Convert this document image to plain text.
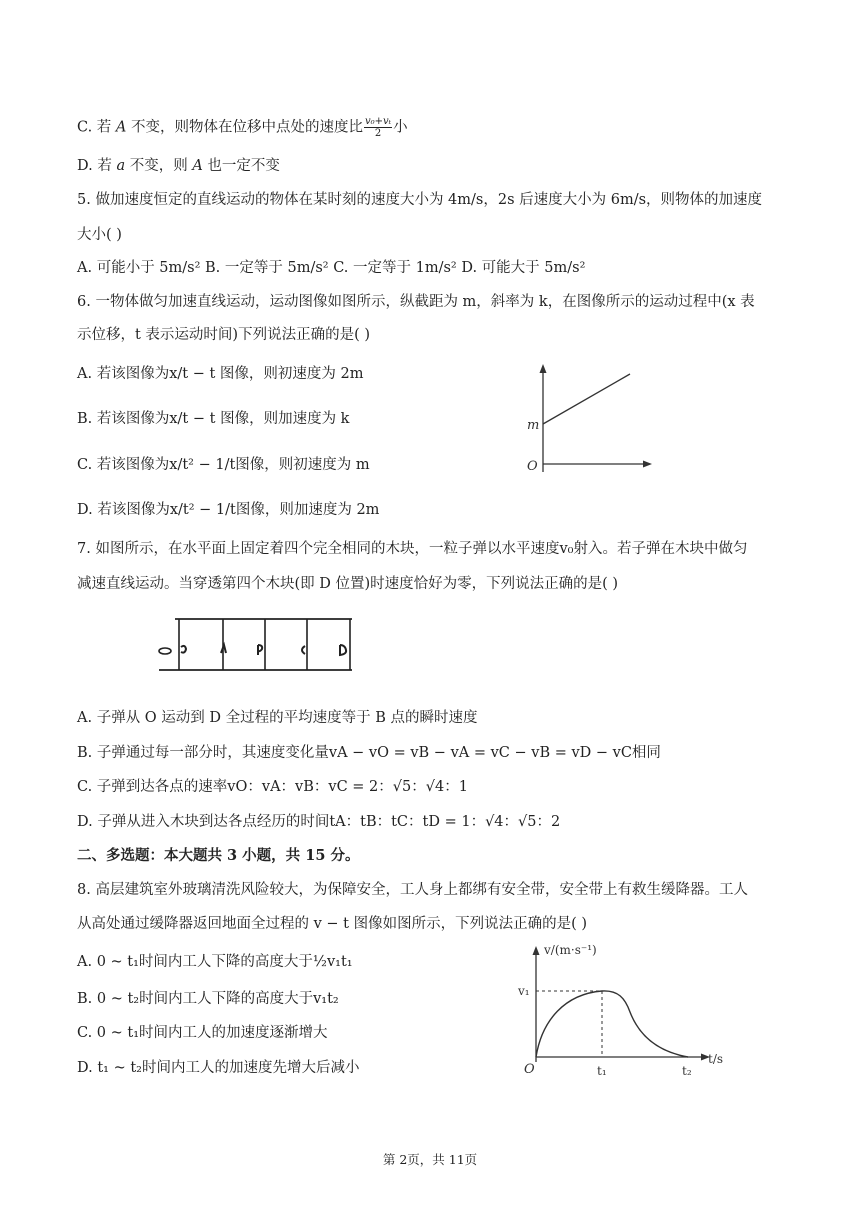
C. 若 A 不变，则物体在位移中点处的速度比 $\frac{\text{v₀+vₜ}}{2}$ 小
D. 若 a 不变，则 A 也一定不变
5. 做加速度恒定的直线运动的物体在某时刻的速度大小为 4m/s，2s 后速度大小为 6m/s，则物体的加速度
大小( )
A. 可能小于 5m/s² B. 一定等于 5m/s² C. 一定等于 1m/s² D. 可能大于 5m/s²
6. 一物体做匀加速直线运动，运动图像如图所示，纵截距为 m，斜率为 k，在图像所示的运动过程中(x 表
示位移，t 表示运动时间)下列说法正确的是( )
A. 若该图像为x/t − t 图像，则初速度为 2m
B. 若该图像为x/t − t 图像，则加速度为 k
C. 若该图像为x/t² − 1/t图像，则初速度为 m
D. 若该图像为x/t² − 1/t图像，则加速度为 2m
m
O
7. 如图所示，在水平面上固定着四个完全相同的木块，一粒子弹以水平速度v₀射入。若子弹在木块中做匀
减速直线运动。当穿透第四个木块(即 D 位置)时速度恰好为零，下列说法正确的是( )
A. 子弹从 O 运动到 D 全过程的平均速度等于 B 点的瞬时速度
B. 子弹通过每一部分时，其速度变化量vA − vO = vB − vA = vC − vB = vD − vC相同
C. 子弹到达各点的速率vO：vA：vB：vC = 2：√5：√4：1
D. 子弹从进入木块到达各点经历的时间tA：tB：tC：tD = 1：√4：√5：2
二、多选题：本大题共 3 小题，共 15 分。
8. 高层建筑室外玻璃清洗风险较大，为保障安全，工人身上都绑有安全带，安全带上有救生缓降器。工人
从高处通过缓降器返回地面全过程的 v − t 图像如图所示，下列说法正确的是( )
A. 0 ~ t₁时间内工人下降的高度大于½v₁t₁
B. 0 ~ t₂时间内工人下降的高度大于v₁t₂
C. 0 ~ t₁时间内工人的加速度逐渐增大
D. t₁ ~ t₂时间内工人的加速度先增大后减小
v/(m·s⁻¹)
v₁
O	t₁	t₂
t/s
第 2页，共 11页
